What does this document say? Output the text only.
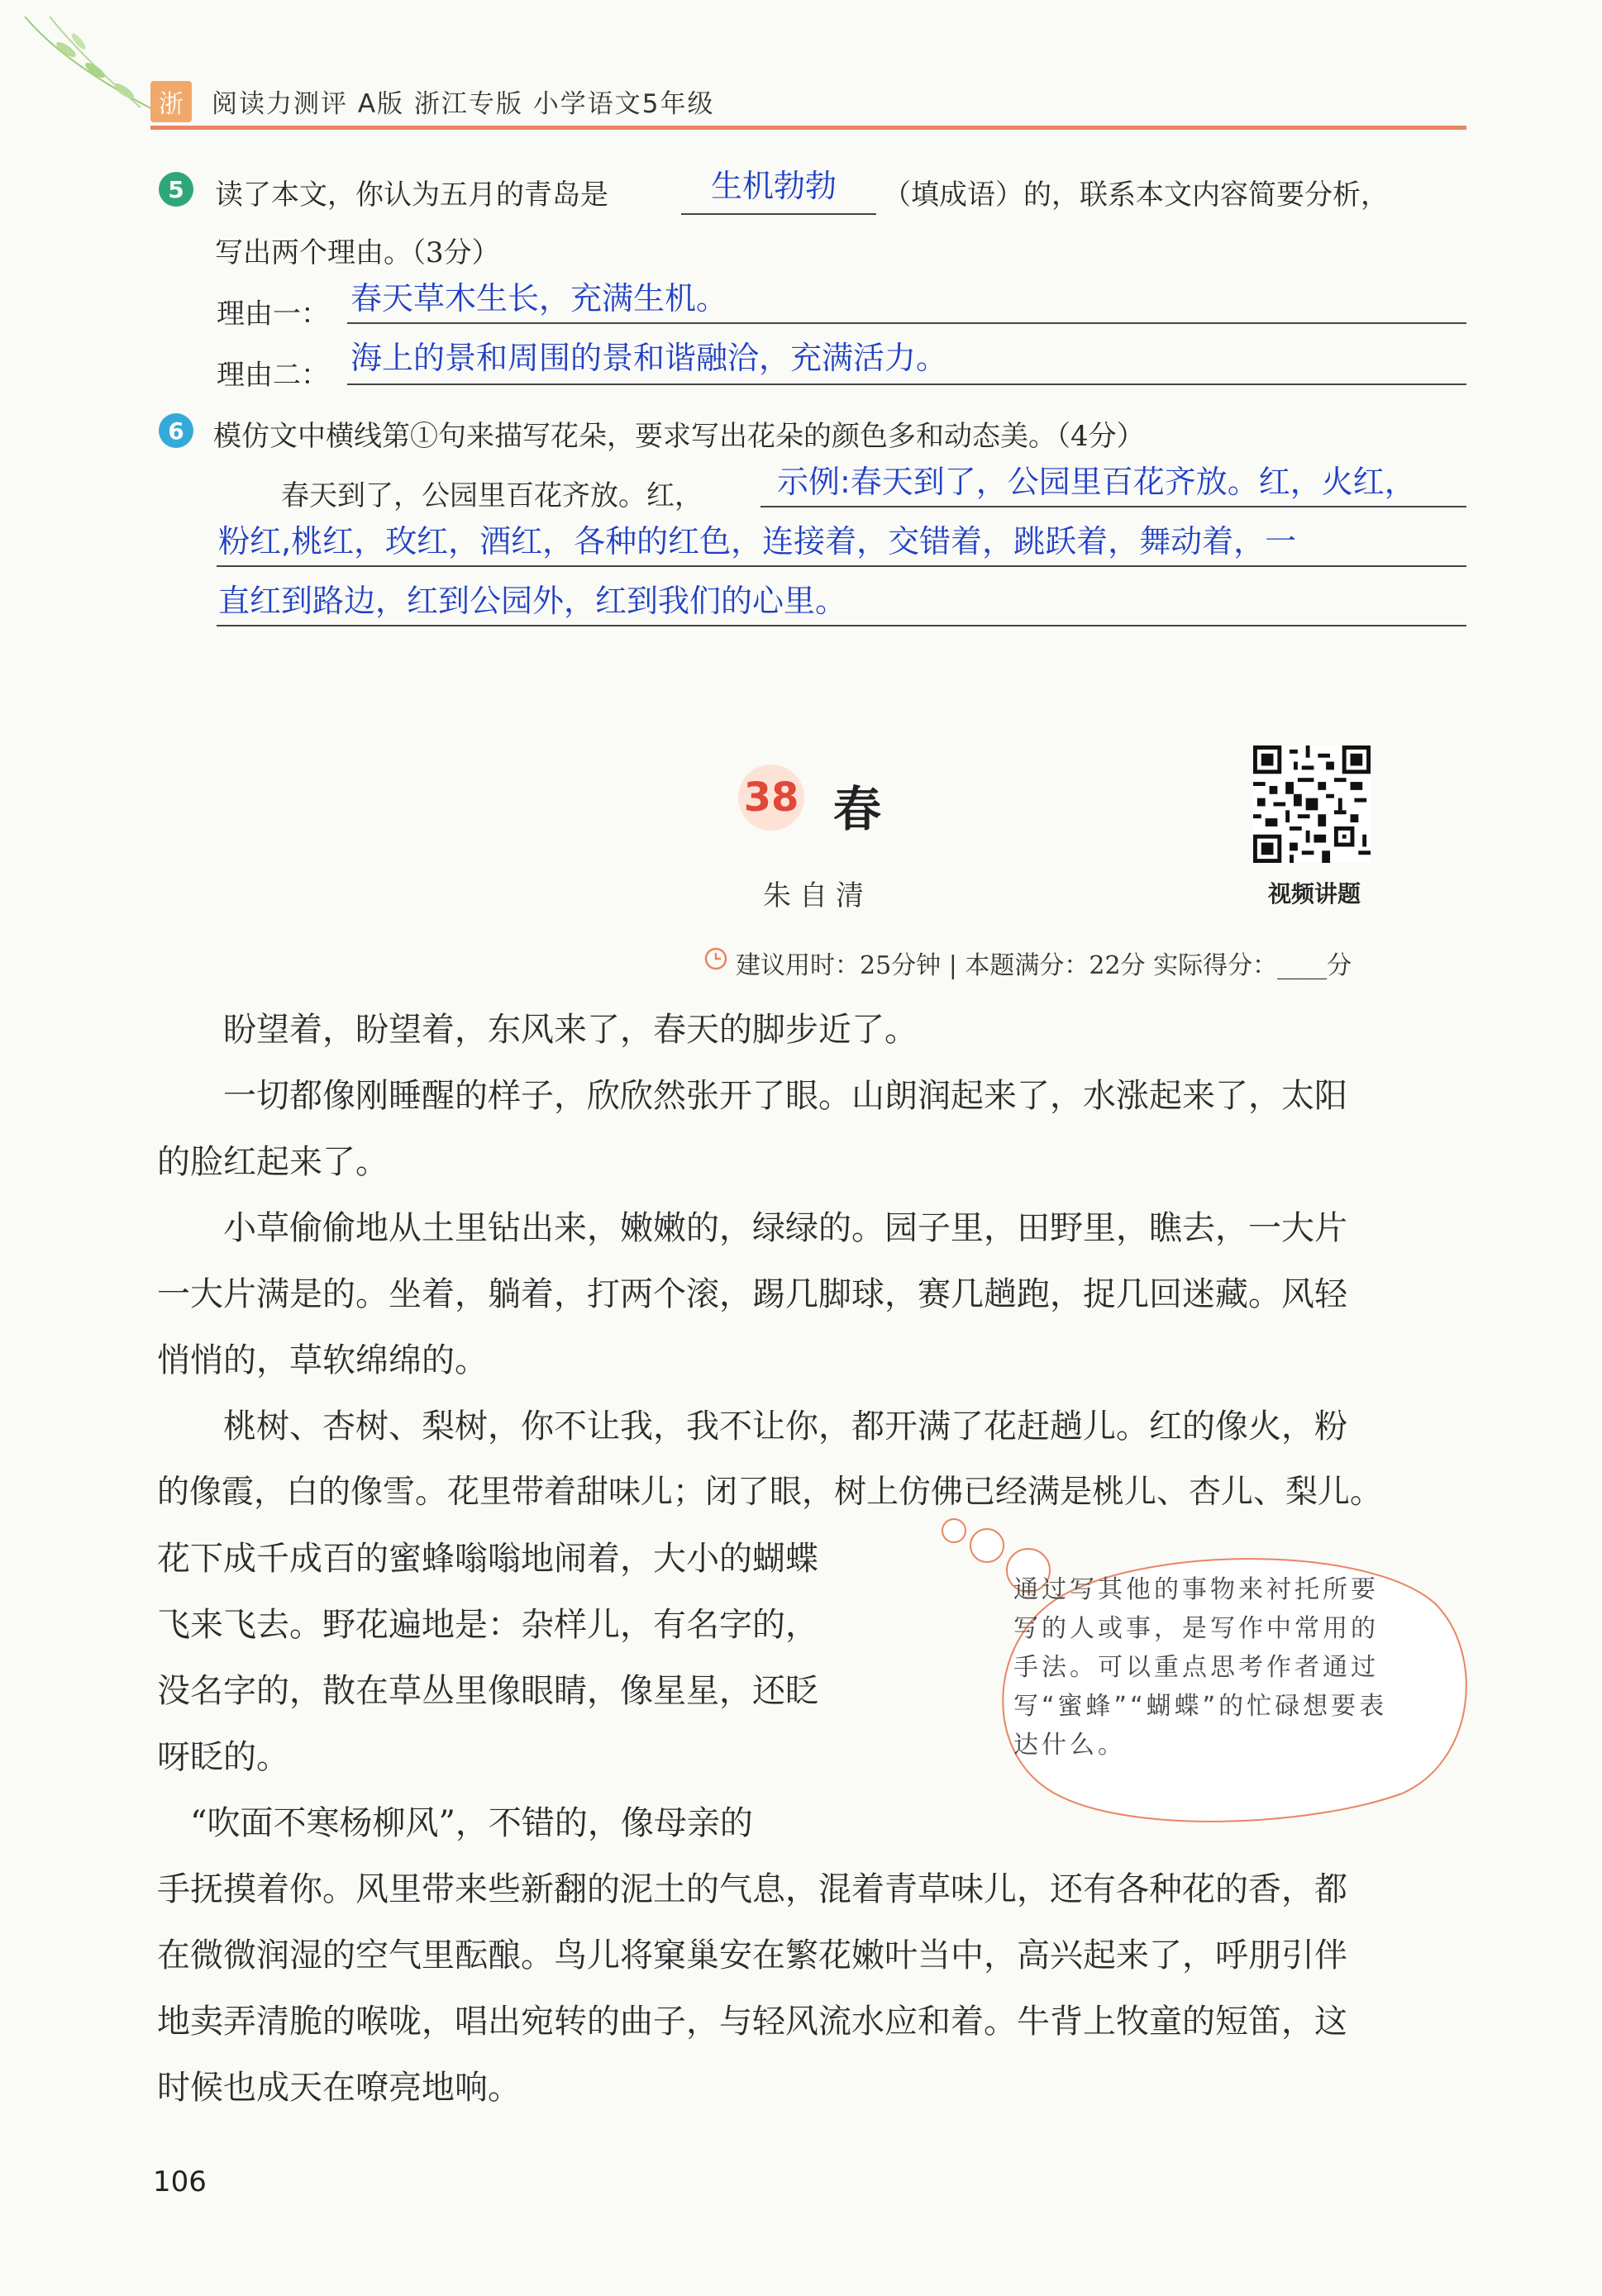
浙	阅读力测评 A版 浙江专版 小学语文5年级
5	读了本文，你认为五月的青岛是	生机勃勃 （填成语）的，联系本文内容简要分析，
写出两个理由。（3分）
理由一： 春天草木生长，充满生机。
理由二： 海上的景和周围的景和谐融洽，充满活力。
6	模仿文中横线第①句来描写花朵，要求写出花朵的颜色多和动态美。（4分）
春天到了，公园里百花齐放。红， 示例:春天到了，公园里百花齐放。红，火红，
粉红,桃红，玫红，酒红，各种的红色，连接着，交错着，跳跃着，舞动着，一
直红到路边，红到公园外，红到我们的心里。
38 春
朱自清	视频讲题
建议用时：25分钟 | 本题满分：22分 实际得分：____分
盼望着，盼望着，东风来了，春天的脚步近了。
一切都像刚睡醒的样子，欣欣然张开了眼。山朗润起来了，水涨起来了，太阳
的脸红起来了。
小草偷偷地从土里钻出来，嫩嫩的，绿绿的。园子里，田野里，瞧去，一大片
一大片满是的。坐着，躺着，打两个滚，踢几脚球，赛几趟跑，捉几回迷藏。风轻
悄悄的，草软绵绵的。
桃树、杏树、梨树，你不让我，我不让你，都开满了花赶趟儿。红的像火，粉
的像霞，白的像雪。花里带着甜味儿；闭了眼，树上仿佛已经满是桃儿、杏儿、梨儿。
花下成千成百的蜜蜂嗡嗡地闹着，大小的蝴蝶
飞来飞去。野花遍地是：杂样儿，有名字的，
没名字的，散在草丛里像眼睛，像星星，还眨
呀眨的。
“吹面不寒杨柳风”，不错的，像母亲的
手抚摸着你。风里带来些新翻的泥土的气息，混着青草味儿，还有各种花的香，都
在微微润湿的空气里酝酿。鸟儿将窠巢安在繁花嫩叶当中，高兴起来了，呼朋引伴
地卖弄清脆的喉咙，唱出宛转的曲子，与轻风流水应和着。牛背上牧童的短笛，这
时候也成天在嘹亮地响。
通过写其他的事物来衬托所要写的人或事，是写作中常用的手法。可以重点思考作者通过写“蜜蜂”“蝴蝶”的忙碌想要表达什么。
106
